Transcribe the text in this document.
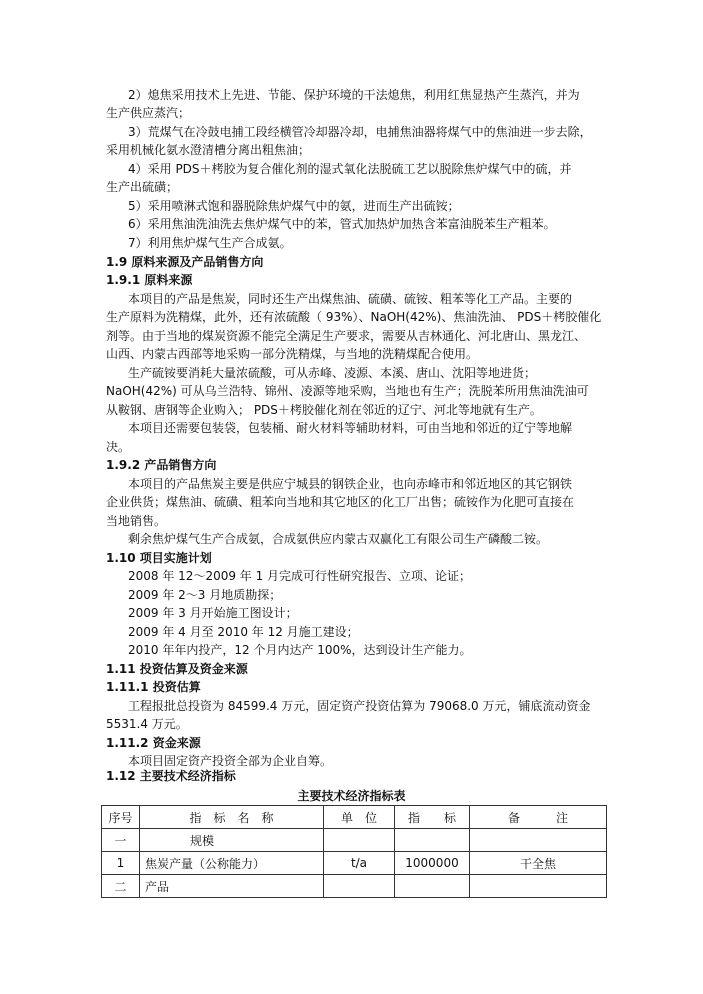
2）熄焦采用技术上先进、节能、保护环境的干法熄焦，利用红焦显热产生蒸汽，并为
生产供应蒸汽；
3）荒煤气在冷鼓电捕工段经横管冷却器冷却，电捕焦油器将煤气中的焦油进一步去除，
采用机械化氨水澄清槽分离出粗焦油；
4）采用 PDS＋栲胶为复合催化剂的湿式氧化法脱硫工艺以脱除焦炉煤气中的硫，并
生产出硫磺；
5）采用喷淋式饱和器脱除焦炉煤气中的氨，进而生产出硫铵；
6）采用焦油洗油洗去焦炉煤气中的苯，管式加热炉加热含苯富油脱苯生产粗苯。
7）利用焦炉煤气生产合成氨。
1.9 原料来源及产品销售方向
1.9.1 原料来源
本项目的产品是焦炭，同时还生产出煤焦油、硫磺、硫铵、粗苯等化工产品。主要的
生产原料为洗精煤，此外，还有浓硫酸（ 93%）、NaOH(42%)、焦油洗油、 PDS＋栲胶催化
剂等。由于当地的煤炭资源不能完全满足生产要求，需要从吉林通化、河北唐山、黑龙江、
山西、内蒙古西部等地采购一部分洗精煤，与当地的洗精煤配合使用。
生产硫铵要消耗大量浓硫酸，可从赤峰、凌源、本溪、唐山、沈阳等地进货；
NaOH(42%) 可从乌兰浩特、锦州、凌源等地采购，当地也有生产；洗脱苯所用焦油洗油可
从鞍钢、唐钢等企业购入； PDS＋栲胶催化剂在邻近的辽宁、河北等地就有生产。
本项目还需要包装袋，包装桶、耐火材料等辅助材料，可由当地和邻近的辽宁等地解
决。
1.9.2 产品销售方向
本项目的产品焦炭主要是供应宁城县的钢铁企业，也向赤峰市和邻近地区的其它钢铁
企业供货；煤焦油、硫磺、粗苯向当地和其它地区的化工厂出售；硫铵作为化肥可直接在
当地销售。
剩余焦炉煤气生产合成氨，合成氨供应内蒙古双赢化工有限公司生产磷酸二铵。
1.10 项目实施计划
2008 年 12～2009 年 1 月完成可行性研究报告、立项、论证；
2009 年 2～3 月地质勘探；
2009 年 3 月开始施工图设计；
2009 年 4 月至 2010 年 12 月施工建设；
2010 年年内投产，12 个月内达产 100%，达到设计生产能力。
1.11 投资估算及资金来源
1.11.1 投资估算
工程报批总投资为 84599.4 万元，固定资产投资估算为 79068.0 万元，铺底流动资金
5531.4 万元。
1.11.2 资金来源
本项目固定资产投资全部为企业自筹。
1.12 主要技术经济指标
主要技术经济指标表
序号	指　标　名　称	单　位	指　　标	备　　　注
一	规模			
1	焦炭产量（公称能力）	t/a	1000000	干全焦
二	产品			
